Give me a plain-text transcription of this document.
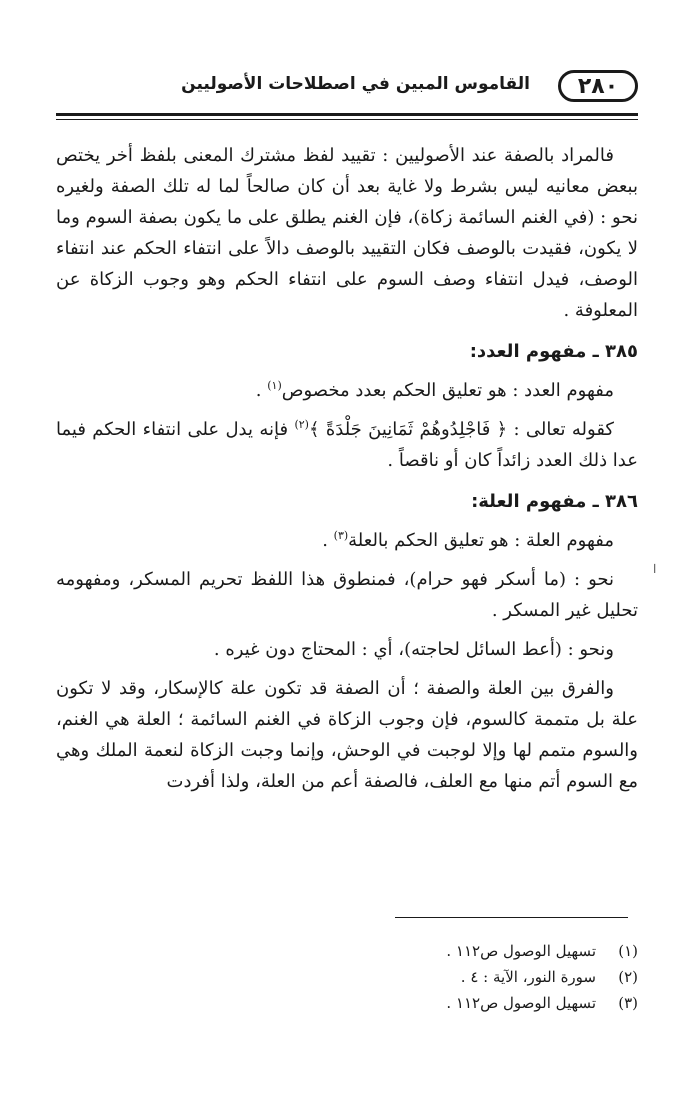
٢٨٠
القاموس المبين في اصطلاحات الأصوليين

فالمراد بالصفة عند الأصوليين : تقييد لفظ مشترك المعنى بلفظ أخر يختص ببعض معانيه ليس بشرط ولا غاية بعد أن كان صالحاً لما له تلك الصفة ولغيره نحو : (في الغنم السائمة زكاة)، فإن الغنم يطلق على ما يكون بصفة السوم وما لا يكون، فقيدت بالوصف فكان التقييد بالوصف دالاً على انتفاء الحكم عند انتفاء الوصف، فيدل انتفاء وصف السوم على انتفاء الحكم وهو وجوب الزكاة عن المعلوفة .

٣٨٥ ـ مفهوم العدد:

مفهوم العدد : هو تعليق الحكم بعدد مخصوص$^{(١)}$ .

كقوله تعالى : ﴿ فَاجْلِدُوهُمْ ثَمَانِينَ جَلْدَةً ﴾$^{(٢)}$ فإنه يدل على انتفاء الحكم فيما عدا ذلك العدد زائداً كان أو ناقصاً .

٣٨٦ ـ مفهوم العلة:

مفهوم العلة : هو تعليق الحكم بالعلة$^{(٣)}$ .

نحو : (ما أسكر فهو حرام)، فمنطوق هذا اللفظ تحريم المسكر، ومفهومه تحليل غير المسكر .

ونحو : (أعط السائل لحاجته)، أي : المحتاج دون غيره .

والفرق بين العلة والصفة ؛ أن الصفة قد تكون علة كالإسكار، وقد لا تكون علة بل متممة كالسوم، فإن وجوب الزكاة في الغنم السائمة ؛ العلة هي الغنم، والسوم متمم لها وإلا لوجبت في الوحش، وإنما وجبت الزكاة لنعمة الملك وهي مع السوم أتم منها مع العلف، فالصفة أعم من العلة، ولذا أفردت

ا

(١)تسهيل الوصول ص١١٢ .

(٢)سورة النور، الآية : ٤ .

(٣)تسهيل الوصول ص١١٢ .
